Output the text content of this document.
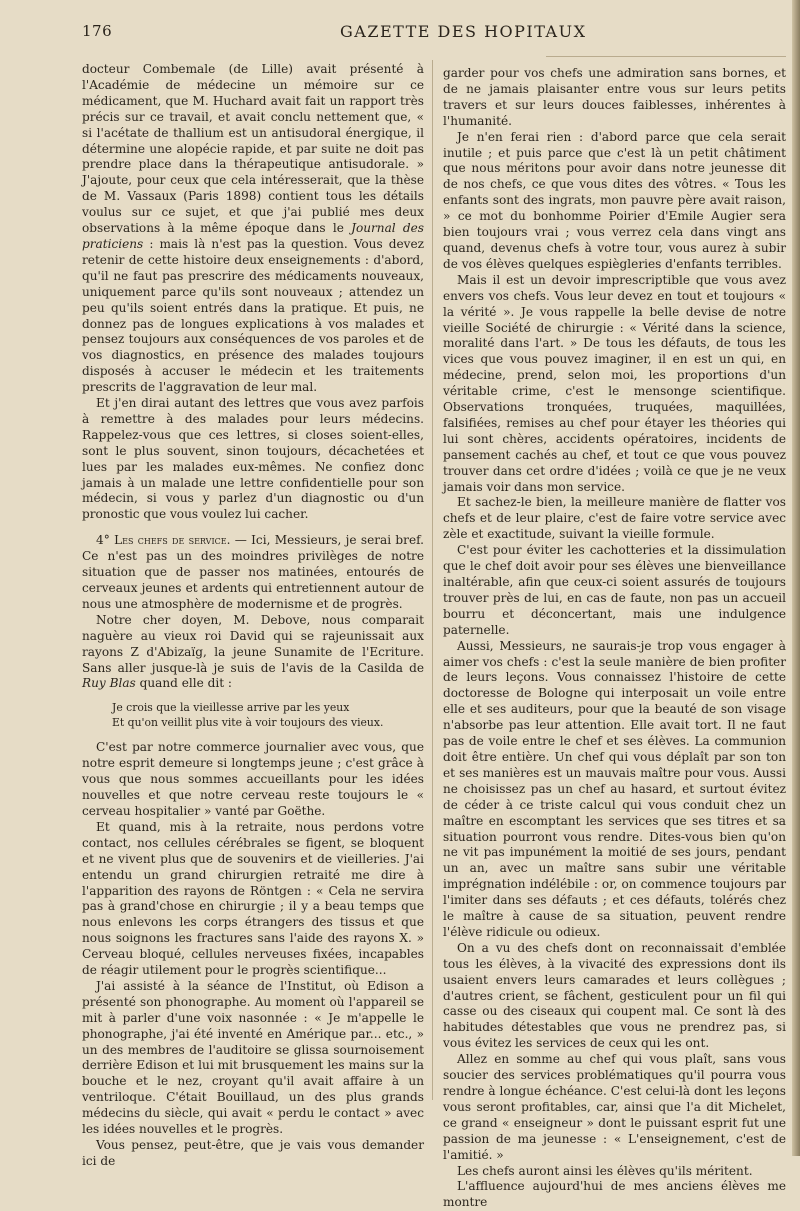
176	GAZETTE DES HOPITAUX

docteur Combemale (de Lille) avait présenté à l'Académie de médecine un mémoire sur ce médicament, que M. Huchard avait fait un rapport très précis sur ce travail, et avait conclu nettement que, « si l'acétate de thallium est un antisudoral énergique, il détermine une alopécie rapide, et par suite ne doit pas prendre place dans la thérapeutique antisudorale. » J'ajoute, pour ceux que cela intéresserait, que la thèse de M. Vassaux (Paris 1898) contient tous les détails voulus sur ce sujet, et que j'ai publié mes deux observations à la même époque dans le Journal des praticiens : mais là n'est pas la question. Vous devez retenir de cette histoire deux enseignements : d'abord, qu'il ne faut pas prescrire des médicaments nouveaux, uniquement parce qu'ils sont nouveaux ; attendez un peu qu'ils soient entrés dans la pratique. Et puis, ne donnez pas de longues explications à vos malades et pensez toujours aux conséquences de vos paroles et de vos diagnostics, en présence des malades toujours disposés à accuser le médecin et les traitements prescrits de l'aggravation de leur mal.

Et j'en dirai autant des lettres que vous avez parfois à remettre à des malades pour leurs médecins. Rappelez-vous que ces lettres, si closes soient-elles, sont le plus souvent, sinon toujours, décachetées et lues par les malades eux-mêmes. Ne confiez donc jamais à un malade une lettre confidentielle pour son médecin, si vous y parlez d'un diagnostic ou d'un pronostic que vous voulez lui cacher.

4° Les chefs de service. — Ici, Messieurs, je serai bref. Ce n'est pas un des moindres privilèges de notre situation que de passer nos matinées, entourés de cerveaux jeunes et ardents qui entretiennent autour de nous une atmosphère de modernisme et de progrès.

Notre cher doyen, M. Debove, nous comparait naguère au vieux roi David qui se rajeunissait aux rayons Z d'Abizaïg, la jeune Sunamite de l'Ecriture. Sans aller jusque-là je suis de l'avis de la Casilda de Ruy Blas quand elle dit :

Je crois que la vieillesse arrive par les yeux

Et qu'on veillit plus vite à voir toujours des vieux.

C'est par notre commerce journalier avec vous, que notre esprit demeure si longtemps jeune ; c'est grâce à vous que nous sommes accueillants pour les idées nouvelles et que notre cerveau reste toujours le « cerveau hospitalier » vanté par Goëthe.

Et quand, mis à la retraite, nous perdons votre contact, nos cellules cérébrales se figent, se bloquent et ne vivent plus que de souvenirs et de vieilleries. J'ai entendu un grand chirurgien retraité me dire à l'apparition des rayons de Röntgen : « Cela ne servira pas à grand'chose en chirurgie ; il y a beau temps que nous enlevons les corps étrangers des tissus et que nous soignons les fractures sans l'aide des rayons X. » Cerveau bloqué, cellules nerveuses fixées, incapables de réagir utilement pour le progrès scientifique...

J'ai assisté à la séance de l'Institut, où Edison a présenté son phonographe. Au moment où l'appareil se mit à parler d'une voix nasonnée : « Je m'appelle le phonographe, j'ai été inventé en Amérique par... etc., » un des membres de l'auditoire se glissa sournoisement derrière Edison et lui mit brusquement les mains sur la bouche et le nez, croyant qu'il avait affaire à un ventriloque. C'était Bouillaud, un des plus grands médecins du siècle, qui avait « perdu le contact » avec les idées nouvelles et le progrès.

Vous pensez, peut-être, que je vais vous demander ici de

garder pour vos chefs une admiration sans bornes, et de ne jamais plaisanter entre vous sur leurs petits travers et sur leurs douces faiblesses, inhérentes à l'humanité.

Je n'en ferai rien : d'abord parce que cela serait inutile ; et puis parce que c'est là un petit châtiment que nous méritons pour avoir dans notre jeunesse dit de nos chefs, ce que vous dites des vôtres. « Tous les enfants sont des ingrats, mon pauvre père avait raison, » ce mot du bonhomme Poirier d'Emile Augier sera bien toujours vrai ; vous verrez cela dans vingt ans quand, devenus chefs à votre tour, vous aurez à subir de vos élèves quelques espiègleries d'enfants terribles.

Mais il est un devoir imprescriptible que vous avez envers vos chefs. Vous leur devez en tout et toujours « la vérité ». Je vous rappelle la belle devise de notre vieille Société de chirurgie : « Vérité dans la science, moralité dans l'art. » De tous les défauts, de tous les vices que vous pouvez imaginer, il en est un qui, en médecine, prend, selon moi, les proportions d'un véritable crime, c'est le mensonge scientifique. Observations tronquées, truquées, maquillées, falsifiées, remises au chef pour étayer les théories qui lui sont chères, accidents opératoires, incidents de pansement cachés au chef, et tout ce que vous pouvez trouver dans cet ordre d'idées ; voilà ce que je ne veux jamais voir dans mon service.

Et sachez-le bien, la meilleure manière de flatter vos chefs et de leur plaire, c'est de faire votre service avec zèle et exactitude, suivant la vieille formule.

C'est pour éviter les cachotteries et la dissimulation que le chef doit avoir pour ses élèves une bienveillance inaltérable, afin que ceux-ci soient assurés de toujours trouver près de lui, en cas de faute, non pas un accueil bourru et déconcertant, mais une indulgence paternelle.

Aussi, Messieurs, ne saurais-je trop vous engager à aimer vos chefs : c'est la seule manière de bien profiter de leurs leçons. Vous connaissez l'histoire de cette doctoresse de Bologne qui interposait un voile entre elle et ses auditeurs, pour que la beauté de son visage n'absorbe pas leur attention. Elle avait tort. Il ne faut pas de voile entre le chef et ses élèves. La communion doit être entière. Un chef qui vous déplaît par son ton et ses manières est un mauvais maître pour vous. Aussi ne choisissez pas un chef au hasard, et surtout évitez de céder à ce triste calcul qui vous conduit chez un maître en escomptant les services que ses titres et sa situation pourront vous rendre. Dites-vous bien qu'on ne vit pas impunément la moitié de ses jours, pendant un an, avec un maître sans subir une véritable imprégnation indélébile : or, on commence toujours par l'imiter dans ses défauts ; et ces défauts, tolérés chez le maître à cause de sa situation, peuvent rendre l'élève ridicule ou odieux.

On a vu des chefs dont on reconnaissait d'emblée tous les élèves, à la vivacité des expressions dont ils usaient envers leurs camarades et leurs collègues ; d'autres crient, se fâchent, gesticulent pour un fil qui casse ou des ciseaux qui coupent mal. Ce sont là des habitudes détestables que vous ne prendrez pas, si vous évitez les services de ceux qui les ont.

Allez en somme au chef qui vous plaît, sans vous soucier des services problématiques qu'il pourra vous rendre à longue échéance. C'est celui-là dont les leçons vous seront profitables, car, ainsi que l'a dit Michelet, ce grand « enseigneur » dont le puissant esprit fut une passion de ma jeunesse : « L'enseignement, c'est de l'amitié. »

Les chefs auront ainsi les élèves qu'ils méritent.

L'affluence aujourd'hui de mes anciens élèves me montre
